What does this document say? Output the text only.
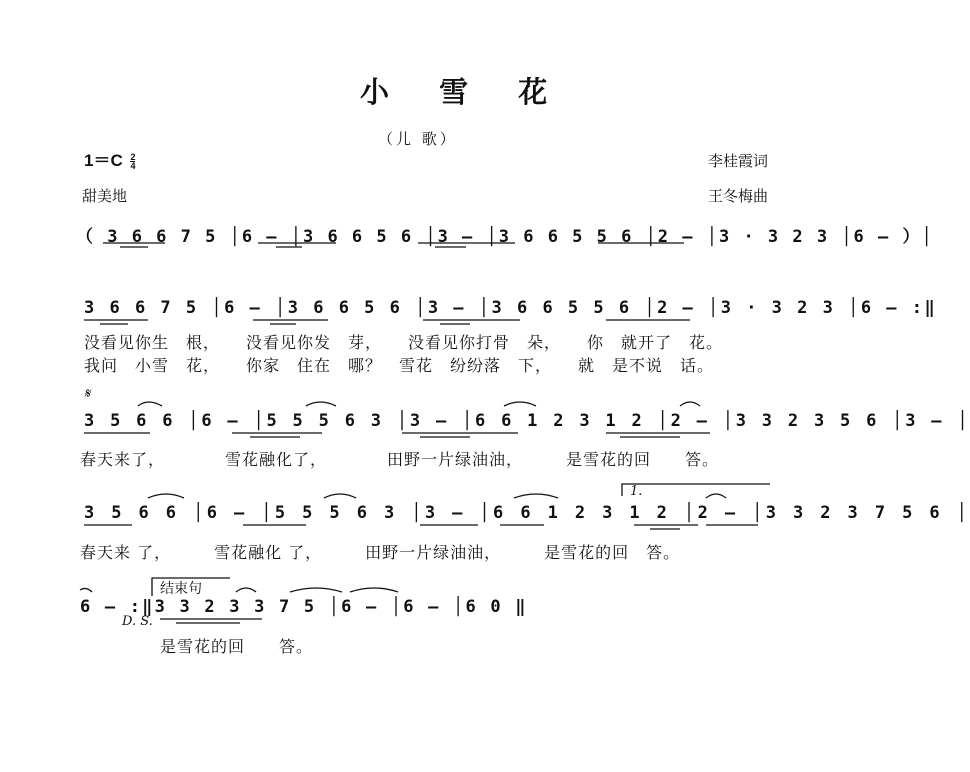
小 雪 花
（儿 歌）
$1=C \frac{2}{4}$
甜美地
李桂霞词
王冬梅曲
（ 3 6 6 7 5 │6 ‒ │3 6 6 5 6 │3 ‒ │3 6 6 5 5 6 │2 ‒ │3 · 3 2 3 │6 ‒ ）│
3 6 6 7 5 │6 ‒ │3 6 6 5 6 │3 ‒ │3 6 6 5 5 6 │2 ‒ │3 · 3 2 3 │6 ‒ :‖
没看见你生　根，　　没看见你发　芽，　　没看见你打骨　朵，　　你　就开了　花。
我问　小雪　花，　　你家　住在　哪？　雪花　纷纷落　下，　　就　是不说　话。
𝄋
3 5 6 6 │6 ‒ │5 5 5 6 3 │3 ‒ │6 6 1 2 3 1 2 │2 ‒ │3 3 2 3 5 6 │3 ‒ │
春天来了，　　　　雪花融化了，　　　　田野一片绿油油，　　　是雪花的回　　答。
1.
3 5 6 6 │6 ‒ │5 5 5 6 3 │3 ‒ │6 6 1 2 3 1 2 │2 ‒ │3 3 2 3 7 5 6 │
春天来 了，　　　雪花融化 了，　　　田野一片绿油油，　　　是雪花的回　答。
结束句
6 ‒ :‖3 3 2 3 3 7 5 │6 ‒ │6 ‒ │6 0 ‖
D. S.
是雪花的回　　答。
